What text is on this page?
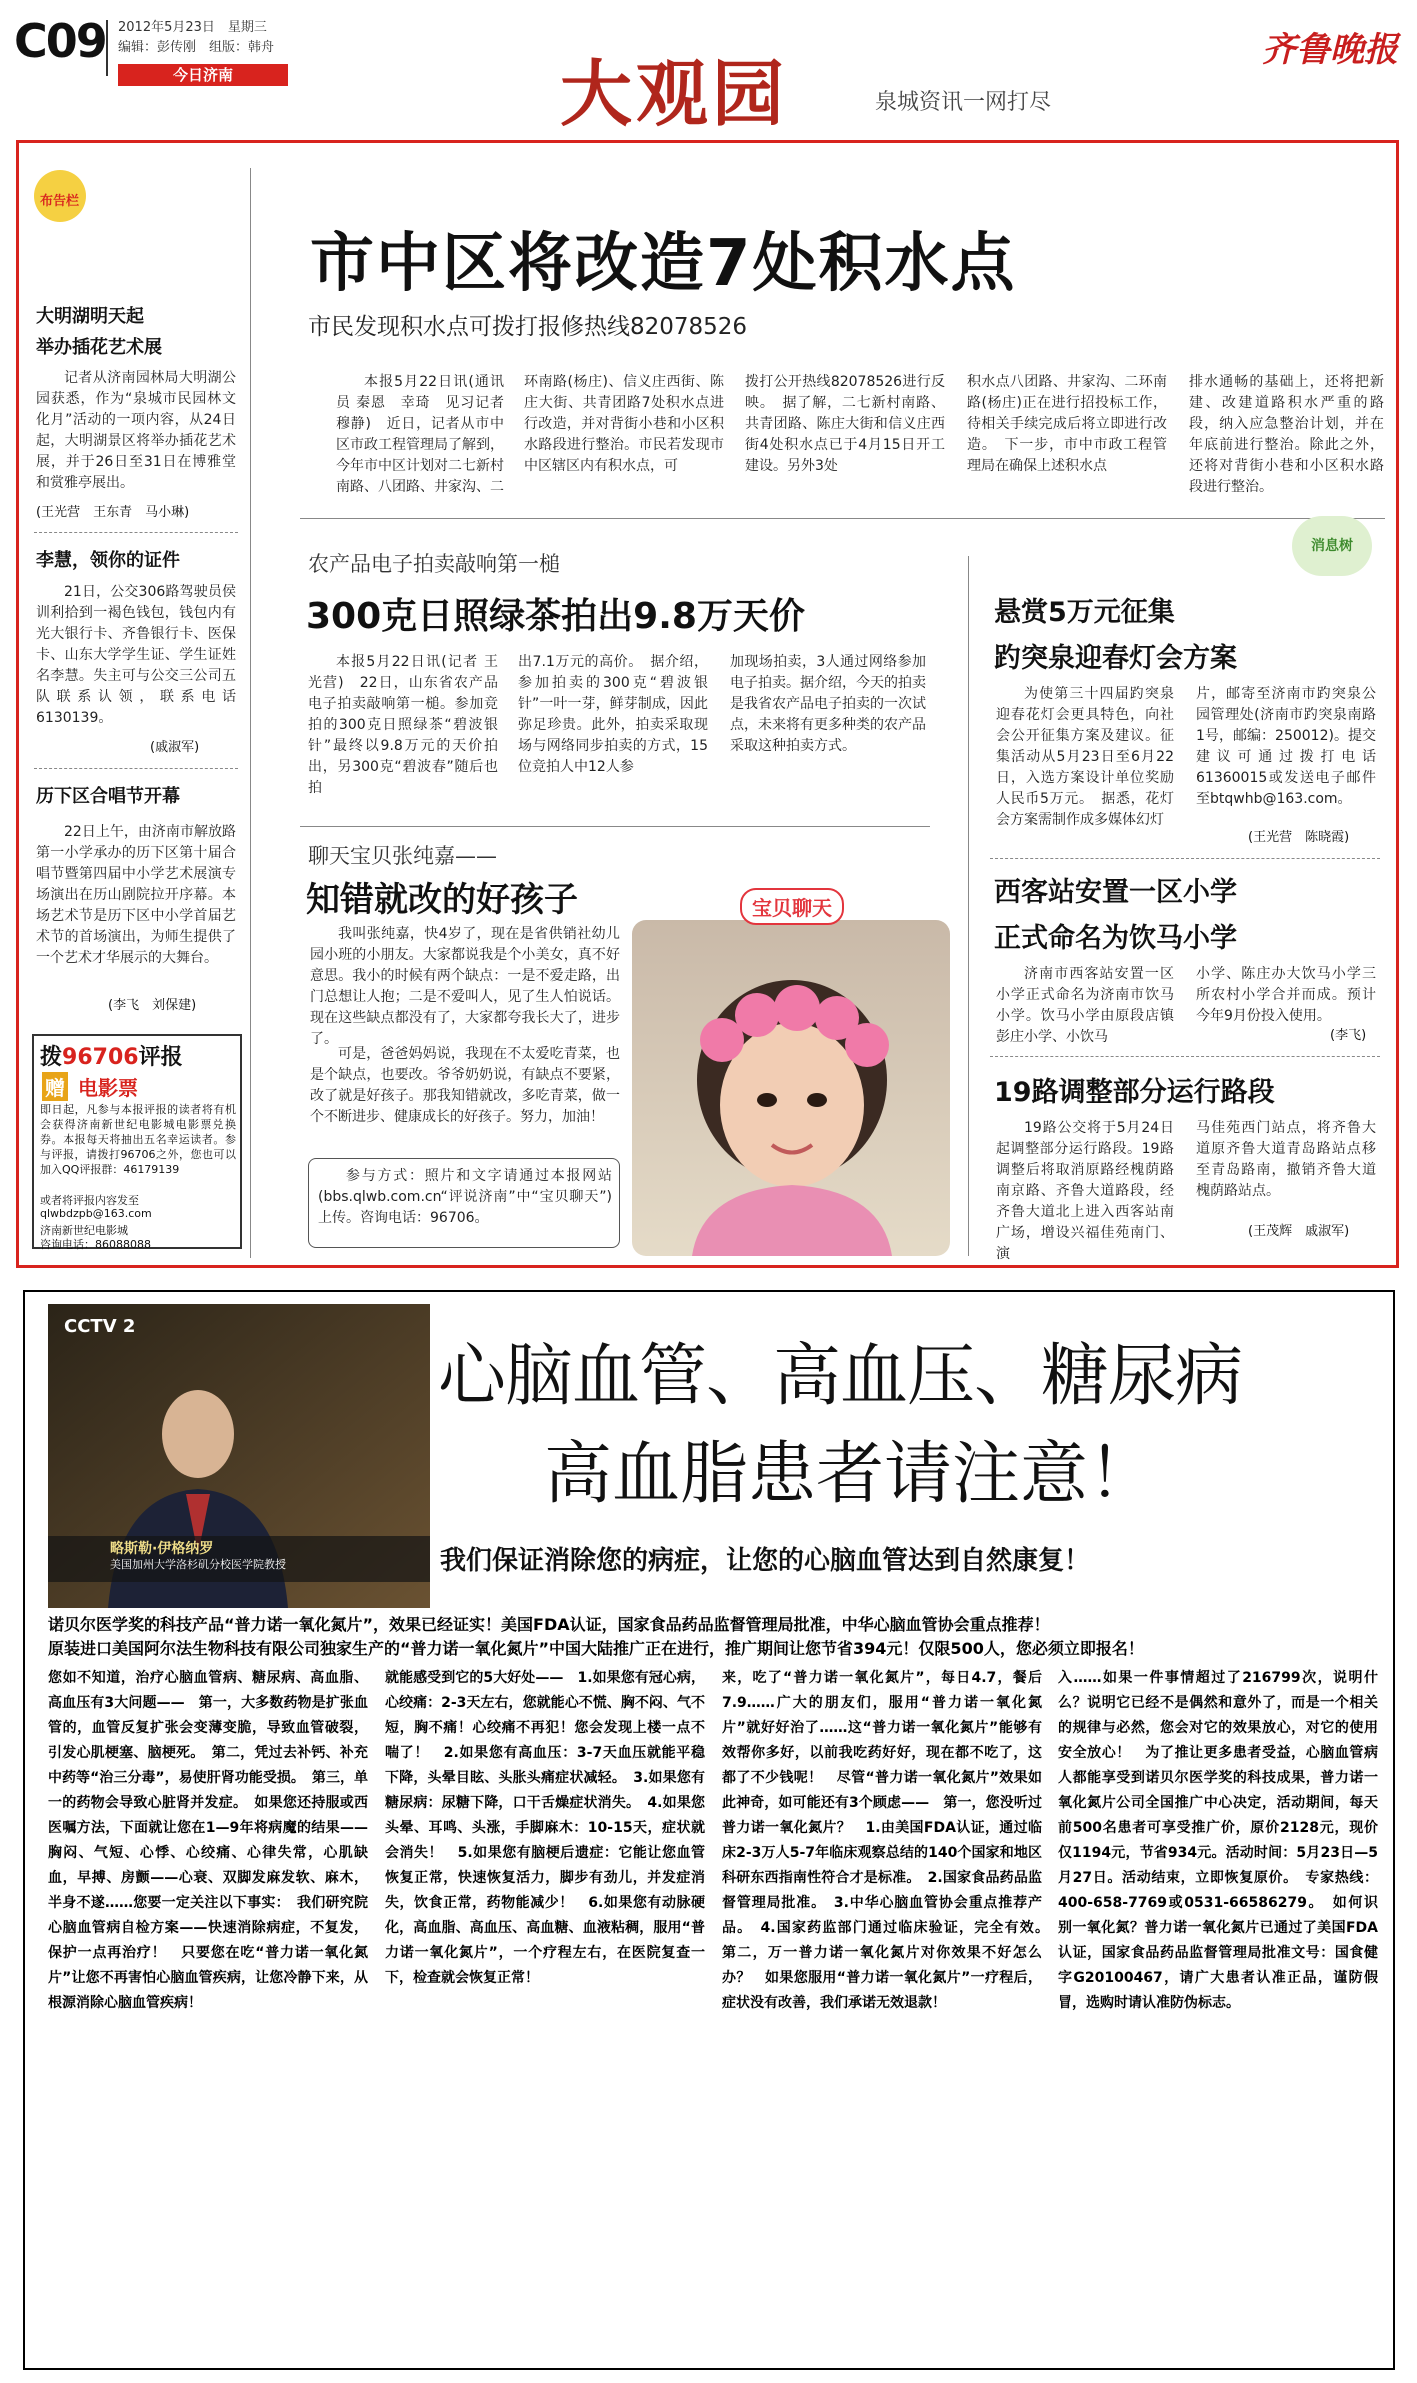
C09 2012年5月23日　星期三
编辑：彭传刚　组版：韩舟
今日济南	大观园	泉城资讯一网打尽
齐鲁晚报
布告栏
大明湖明天起
举办插花艺术展
记者从济南园林局大明湖公园获悉，作为“泉城市民园林文化月”活动的一项内容，从24日起，大明湖景区将举办插花艺术展，并于26日至31日在博雅堂和赏雅亭展出。
(王光营　王东青　马小琳)
李慧，领你的证件
21日，公交306路驾驶员侯训利拾到一褐色钱包，钱包内有光大银行卡、齐鲁银行卡、医保卡、山东大学学生证、学生证姓名李慧。失主可与公交三公司五队联系认领，联系电话6130139。
(戚淑军)
历下区合唱节开幕
22日上午，由济南市解放路第一小学承办的历下区第十届合唱节暨第四届中小学艺术展演专场演出在历山剧院拉开序幕。本场艺术节是历下区中小学首届艺术节的首场演出，为师生提供了一个艺术才华展示的大舞台。
(李飞　刘保建)
拨96706评报
赠 电影票
即日起，凡参与本报评报的读者将有机会获得济南新世纪电影城电影票兑换券。本报每天将抽出五名幸运读者。参与评报，请拨打96706之外，您也可以加入QQ评报群：46179139
或者将评报内容发至
qlwbdzpb@163.com
济南新世纪电影城
咨询电话：86088088
市中区将改造7处积水点
市民发现积水点可拨打报修热线82078526
本报5月22日讯(通讯员 秦恩　幸琦　见习记者 穆静)　近日，记者从市中区市政工程管理局了解到，今年市中区计划对二七新村南路、八团路、井家沟、二
环南路(杨庄)、信义庄西街、陈庄大街、共青团路7处积水点进行改造，并对背街小巷和小区积水路段进行整治。市民若发现市中区辖区内有积水点，可
拨打公开热线82078526进行反映。　据了解，二七新村南路、共青团路、陈庄大街和信义庄西街4处积水点已于4月15日开工建设。另外3处
积水点八团路、井家沟、二环南路(杨庄)正在进行招投标工作，待相关手续完成后将立即进行改造。　下一步，市中市政工程管理局在确保上述积水点
排水通畅的基础上，还将把新建、改建道路积水严重的路段，纳入应急整治计划，并在年底前进行整治。除此之外，还将对背街小巷和小区积水路段进行整治。
农产品电子拍卖敲响第一槌
300克日照绿茶拍出9.8万天价
本报5月22日讯(记者 王光营)　22日，山东省农产品电子拍卖敲响第一槌。参加竞拍的300克日照绿茶“碧波银针”最终以9.8万元的天价拍出，另300克“碧波春”随后也拍
出7.1万元的高价。　据介绍，参加拍卖的300克“碧波银针”一叶一芽，鲜芽制成，因此弥足珍贵。此外，拍卖采取现场与网络同步拍卖的方式，15位竞拍人中12人参
加现场拍卖，3人通过网络参加电子拍卖。据介绍，今天的拍卖是我省农产品电子拍卖的一次试点，未来将有更多种类的农产品采取这种拍卖方式。
聊天宝贝张纯嘉——
知错就改的好孩子
我叫张纯嘉，快4岁了，现在是省供销社幼儿园小班的小朋友。大家都说我是个小美女，真不好意思。我小的时候有两个缺点：一是不爱走路，出门总想让人抱；二是不爱叫人，见了生人怕说话。现在这些缺点都没有了，大家都夸我长大了，进步了。
可是，爸爸妈妈说，我现在不太爱吃青菜，也是个缺点，也要改。爷爷奶奶说，有缺点不要紧，改了就是好孩子。那我知错就改，多吃青菜，做一个不断进步、健康成长的好孩子。努力，加油！
参与方式：照片和文字请通过本报网站(bbs.qlwb.com.cn“评说济南”中“宝贝聊天”)上传。咨询电话：96706。
宝贝聊天
消息树
悬赏5万元征集
趵突泉迎春灯会方案
为使第三十四届趵突泉迎春花灯会更具特色，向社会公开征集方案及建议。征集活动从5月23日至6月22日，入选方案设计单位奖励人民币5万元。　据悉，花灯会方案需制作成多媒体幻灯
片，邮寄至济南市趵突泉公园管理处(济南市趵突泉南路1号，邮编：250012)。提交建议可通过拨打电话61360015或发送电子邮件至btqwhb@163.com。
(王光营　陈晓霞)
西客站安置一区小学
正式命名为饮马小学
济南市西客站安置一区小学正式命名为济南市饮马小学。饮马小学由原段店镇彭庄小学、小饮马
小学、陈庄办大饮马小学三所农村小学合并而成。预计今年9月份投入使用。
(李飞)
19路调整部分运行路段
19路公交将于5月24日起调整部分运行路段。19路调整后将取消原路经槐荫路南京路、齐鲁大道路段，经齐鲁大道北上进入西客站南广场，增设兴福佳苑南门、演
马佳苑西门站点，将齐鲁大道原齐鲁大道青岛路站点移至青岛路南，撤销齐鲁大道槐荫路站点。
(王茂辉　戚淑军)
CCTV 2
略斯勒·伊格纳罗
美国加州大学洛杉矶分校医学院教授
心脑血管、高血压、糖尿病
高血脂患者请注意！
我们保证消除您的病症，让您的心脑血管达到自然康复！
诺贝尔医学奖的科技产品“普力诺一氧化氮片”，效果已经证实！美国FDA认证，国家食品药品监督管理局批准，中华心脑血管协会重点推荐！
原装进口美国阿尔法生物科技有限公司独家生产的“普力诺一氧化氮片”中国大陆推广正在进行，推广期间让您节省394元！仅限500人，您必须立即报名！
您如不知道，治疗心脑血管病、糖尿病、高血脂、高血压有3大问题——　第一，大多数药物是扩张血管的，血管反复扩张会变薄变脆，导致血管破裂，引发心肌梗塞、脑梗死。　第二，凭过去补钙、补充中药等“治三分毒”，易使肝肾功能受损。　第三，单一的药物会导致心脏肾并发症。　如果您还持服或西医嘱方法，下面就让您在1—9年将病魔的结果——　胸闷、气短、心悸、心绞痛、心律失常，心肌缺血，早搏、房颤——心衰、双脚发麻发软、麻木，半身不遂……您要一定关注以下事实：　我们研究院心脑血管病自检方案——快速消除病症，不复发，保护一点再治疗！　只要您在吃“普力诺一氧化氮片”让您不再害怕心脑血管疾病，让您冷静下来，从根源消除心脑血管疾病！
就能感受到它的5大好处——　1.如果您有冠心病，心绞痛：2-3天左右，您就能心不慌、胸不闷、气不短，胸不痛！心绞痛不再犯！您会发现上楼一点不喘了！　2.如果您有高血压：3-7天血压就能平稳下降，头晕目眩、头胀头痛症状减轻。　3.如果您有糖尿病：尿糖下降，口干舌燥症状消失。　4.如果您头晕、耳鸣、头涨，手脚麻木：10-15天，症状就会消失！　5.如果您有脑梗后遗症：它能让您血管恢复正常，快速恢复活力，脚步有劲儿，并发症消失，饮食正常，药物能减少！　6.如果您有动脉硬化，高血脂、高血压、高血糖、血液粘稠，服用“普力诺一氧化氮片”，一个疗程左右，在医院复查一下，检查就会恢复正常！
来，吃了“普力诺一氧化氮片”，每日4.7，餐后7.9……广大的朋友们，服用“普力诺一氧化氮片”就好好治了……这“普力诺一氧化氮片”能够有效帮你多好，以前我吃药好好，现在都不吃了，这都了不少钱呢！　尽管“普力诺一氧化氮片”效果如此神奇，如可能还有3个顾虑——　第一，您没听过普力诺一氧化氮片？　1.由美国FDA认证，通过临床2-3万人5-7年临床观察总结的140个国家和地区科研东西指南性符合才是标准。　2.国家食品药品监督管理局批准。　3.中华心脑血管协会重点推荐产品。　4.国家药监部门通过临床验证，完全有效。　第二，万一普力诺一氧化氮片对你效果不好怎么办？　如果您服用“普力诺一氧化氮片”一疗程后，症状没有改善，我们承诺无效退款！
入……如果一件事情超过了216799次，说明什么？说明它已经不是偶然和意外了，而是一个相关的规律与必然，您会对它的效果放心，对它的使用安全放心！　为了推让更多患者受益，心脑血管病人都能享受到诺贝尔医学奖的科技成果，普力诺一氧化氮片公司全国推广中心决定，活动期间，每天前500名患者可享受推广价，原价2128元，现价仅1194元，节省934元。活动时间：5月23日—5月27日。活动结束，立即恢复原价。　专家热线：400-658-7769或0531-66586279。　如何识别一氧化氮？普力诺一氧化氮片已通过了美国FDA认证，国家食品药品监督管理局批准文号：国食健字G20100467，请广大患者认准正品，谨防假冒，选购时请认准防伪标志。
